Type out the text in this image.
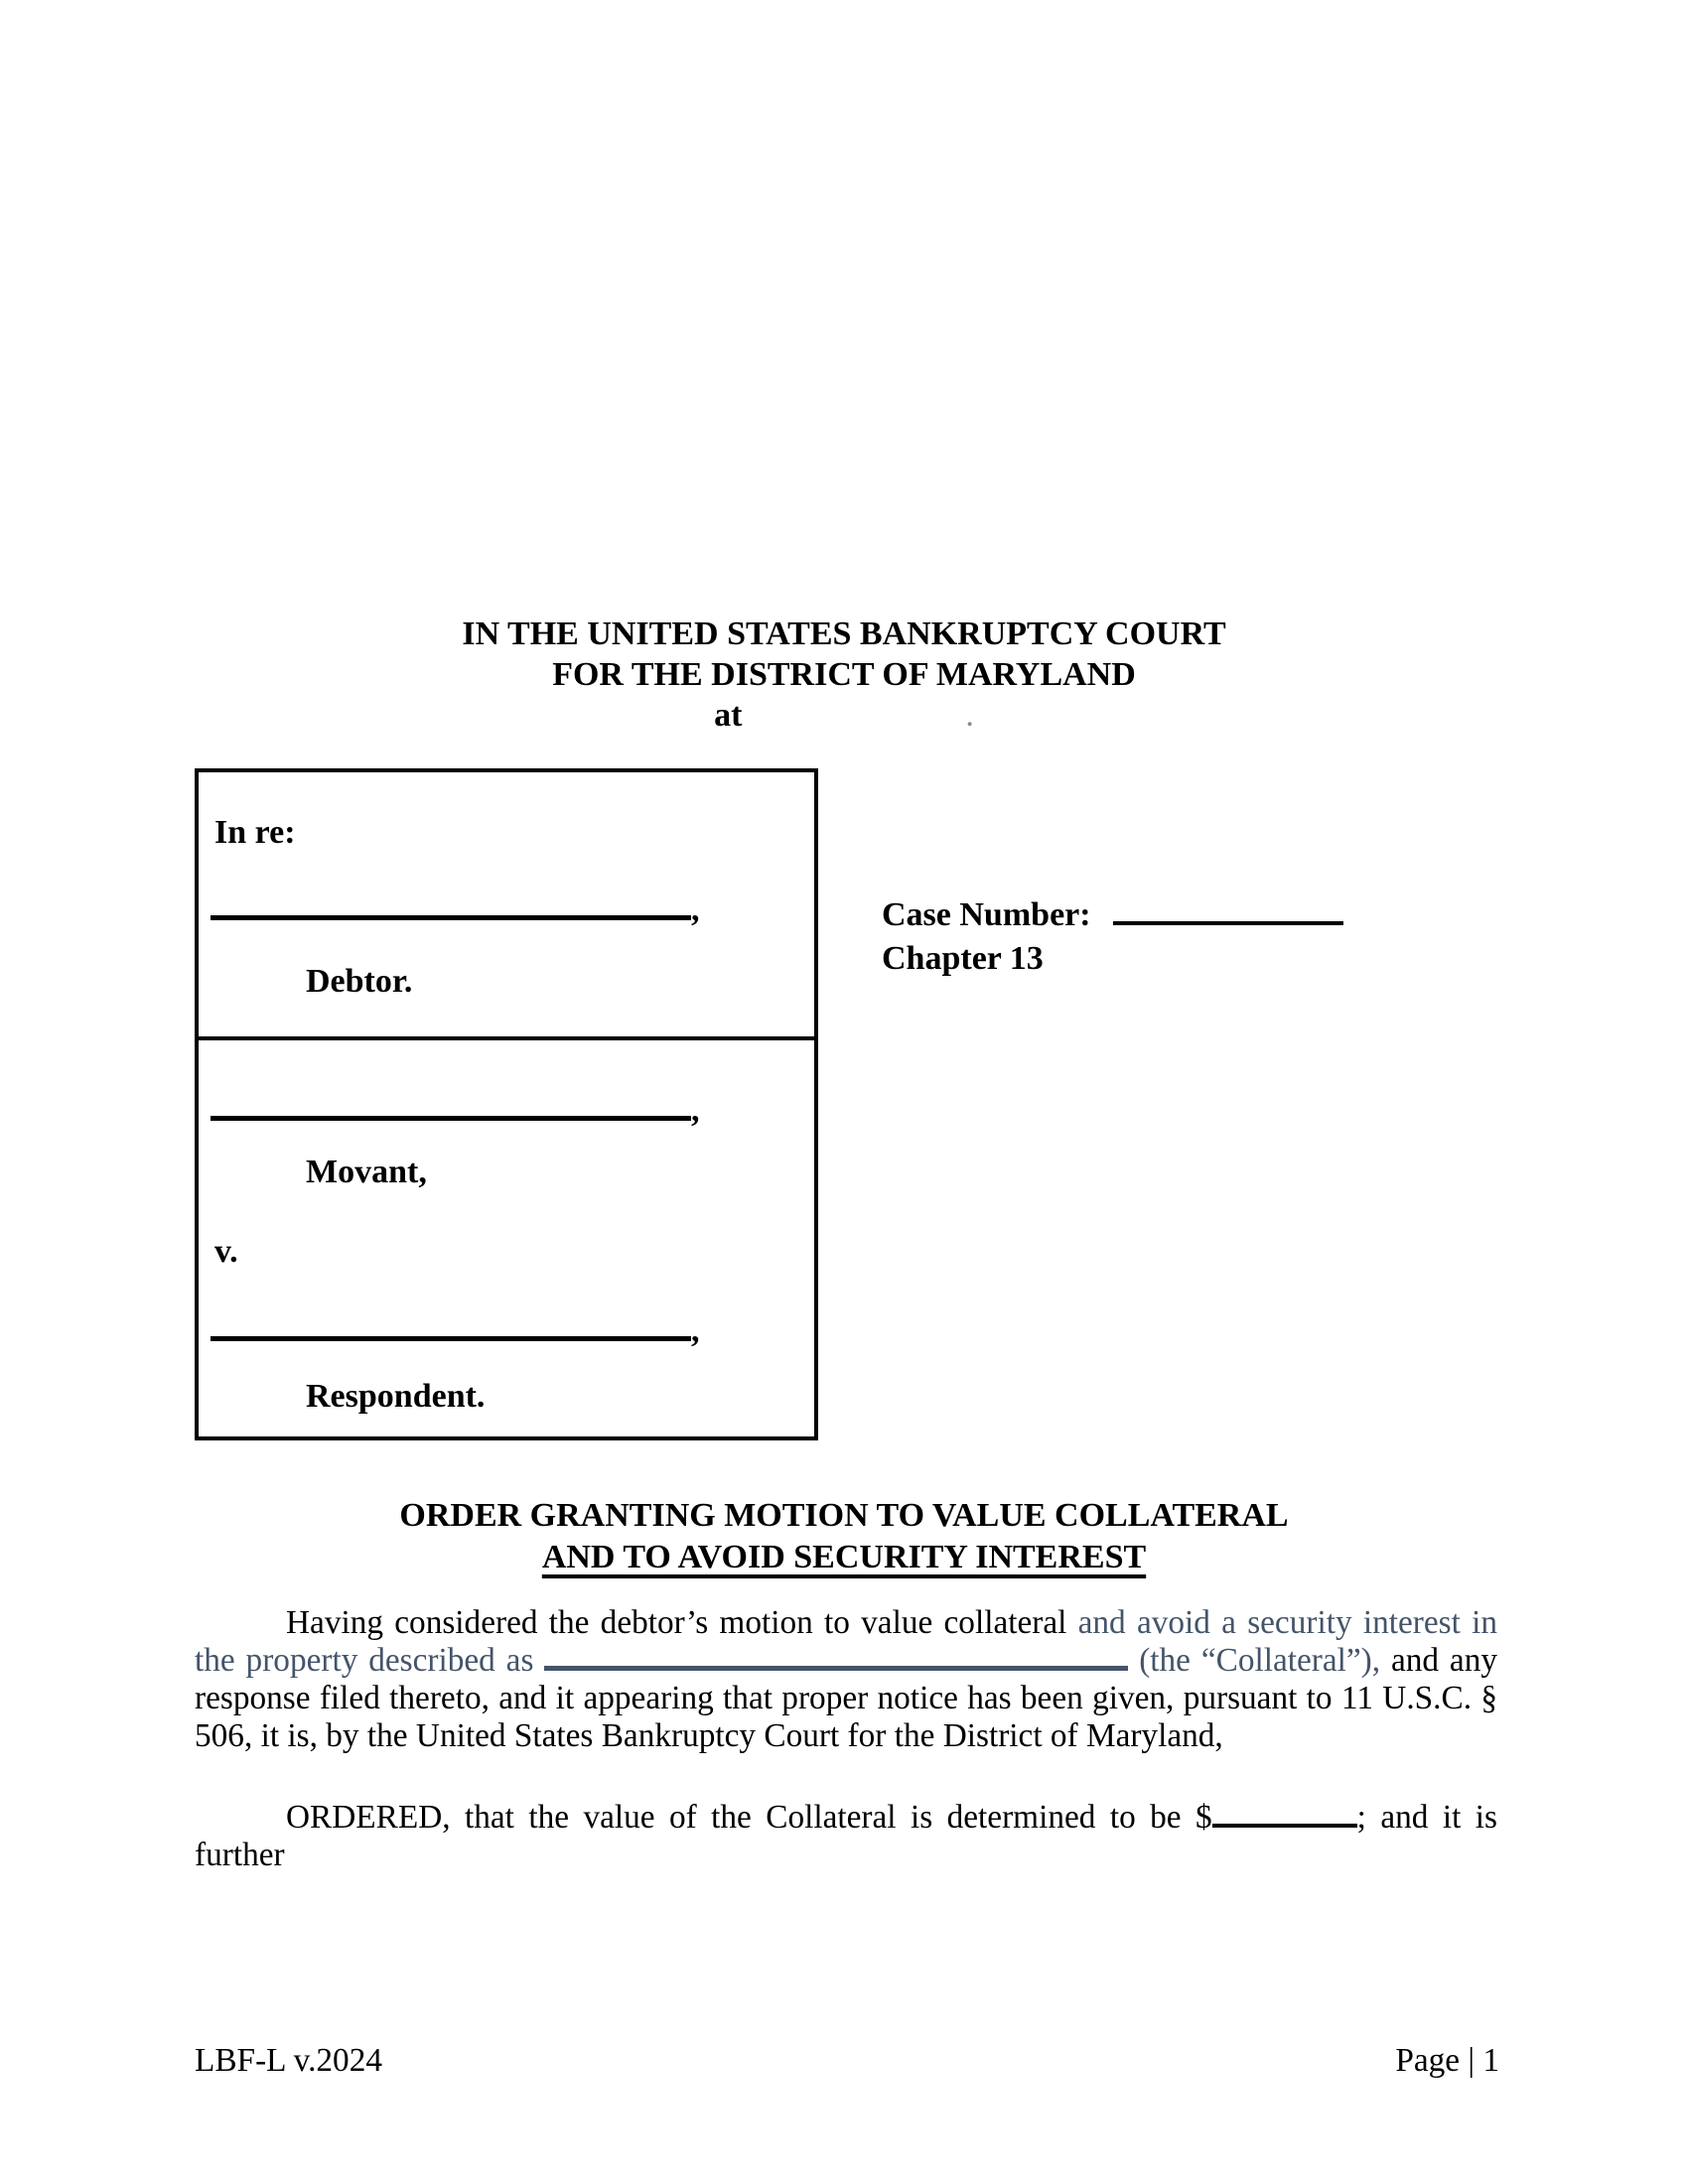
IN THE UNITED STATES BANKRUPTCY COURT
FOR THE DISTRICT OF MARYLAND
at	.
In re:
,
Debtor.
,
Movant,
v.
,
Respondent.
Case Number:
Chapter 13
ORDER GRANTING MOTION TO VALUE COLLATERAL
AND TO AVOID SECURITY INTEREST

Having considered the debtor’s motion to value collateral and avoid a security interest in the property described as	(the “Collateral”), and any response filed thereto, and it appearing that proper notice has been given, pursuant to 11 U.S.C. § 506, it is, by the United States Bankruptcy Court for the District of Maryland,

ORDERED, that the value of the Collateral is determined to be $	; and it is further

LBF-L v.2024	Page | 1
